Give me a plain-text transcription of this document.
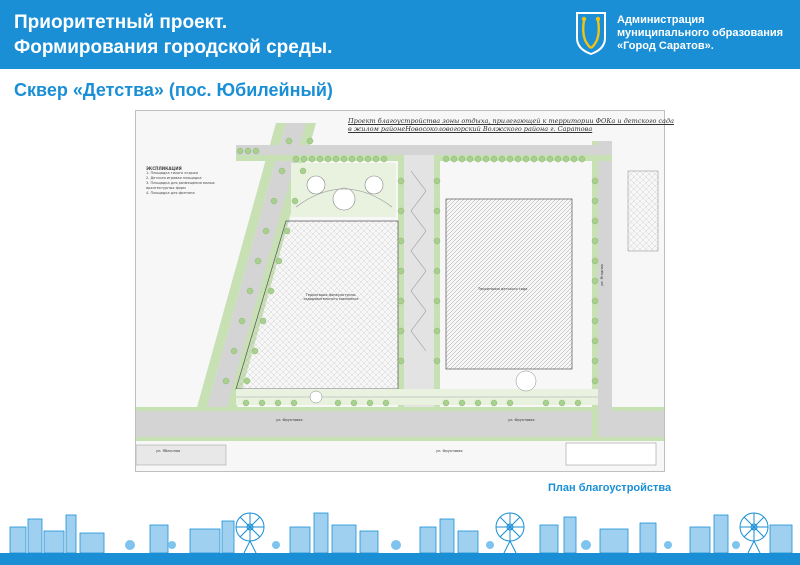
Приоритетный проект.
Формирования городской среды.
Администрация
муниципального образования
«Город Саратов».
Сквер «Детства» (пос. Юбилейный)
Проект благоустройства зоны отдыха, прилегающей к территории ФОКа и детского сада
в жилом районеНовосоколовогорский Волжского района г. Саратова
ЭКСПЛИКАЦИЯ
1. Площадка тихого отдыха
2. Детская игровая площадка
3. Площадка для размещения малых архитектурных форм
4. Площадка для фонтана
ул. Фруктовая	ул. Фруктовая
ул. Яблочная
ул. Ягодная
ул. Фруктовая
Территория физкультурно-оздоровительного комплекса
Территория детского сада
План благоустройства
